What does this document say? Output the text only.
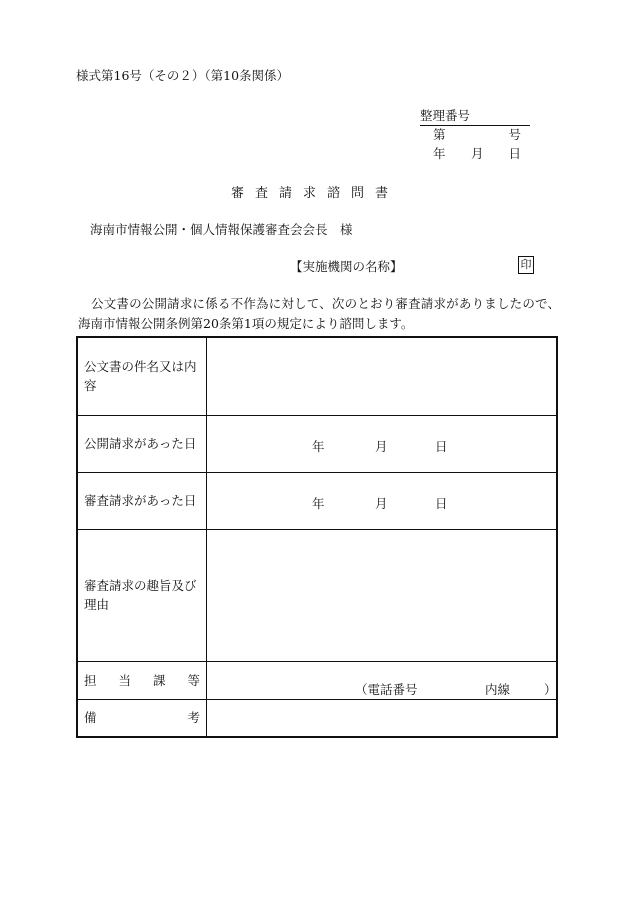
様式第16号（その２）（第10条関係）
整理番号
第	号
年 月 日
審査請求諮問書
海南市情報公開・個人情報保護審査会会長　様
【実施機関の名称】	印
公文書の公開請求に係る不作為に対して、次のとおり審査請求がありましたので、海南市情報公開条例第20条第1項の規定により諮問します。
公文書の件名又は内容	
公開請求があった日	年 月 日

審査請求があった日	年 月 日

審査請求の趣旨及び理由	

担 当 課 等	（電話番号 内線 ）

備 考	
